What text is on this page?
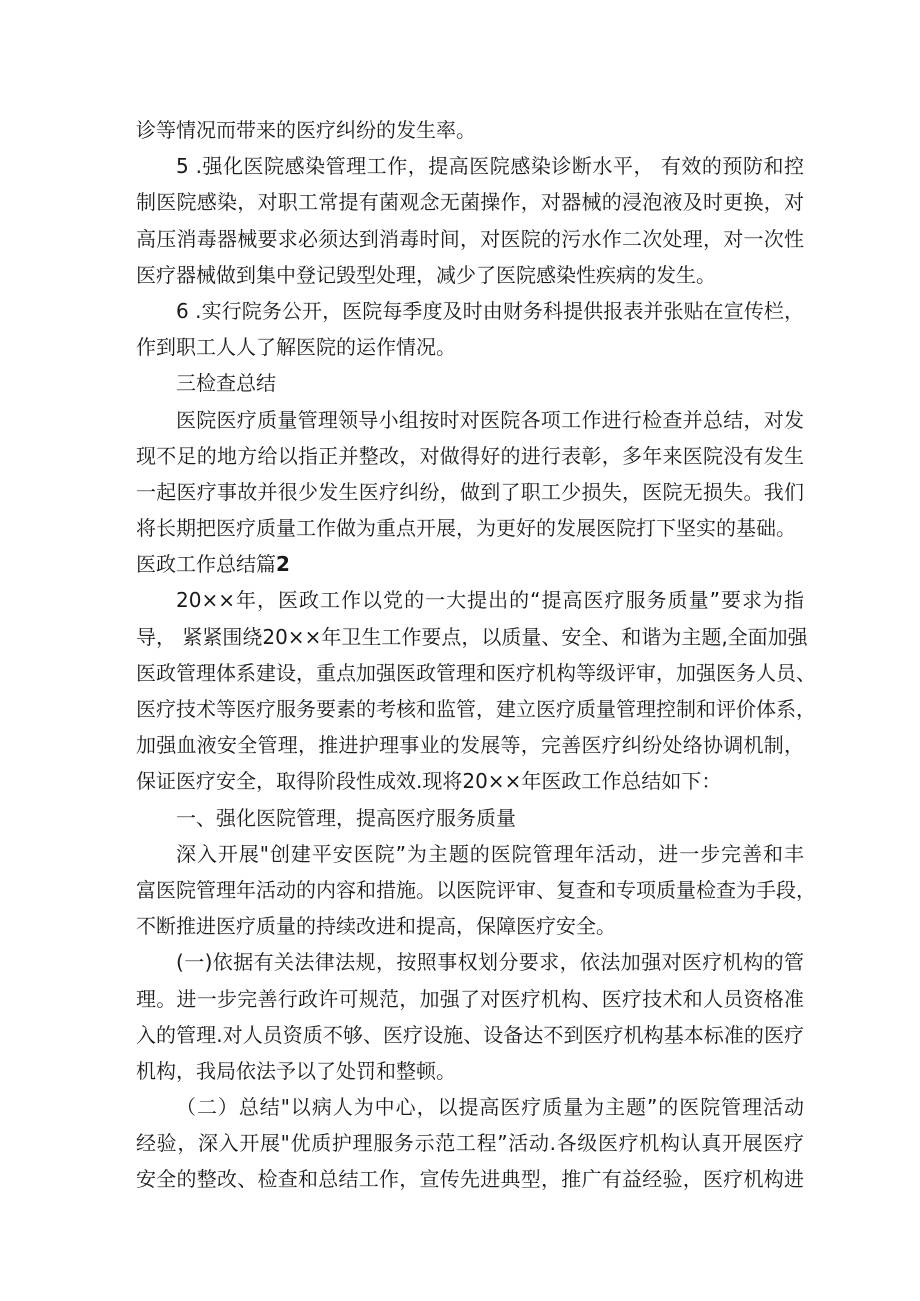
诊等情况而带来的医疗纠纷的发生率。
5 .强化医院感染管理工作，提高医院感染诊断水平， 有效的预防和控
制医院感染，对职工常提有菌观念无菌操作，对器械的浸泡液及时更换，对
高压消毒器械要求必须达到消毒时间，对医院的污水作二次处理，对一次性
医疗器械做到集中登记毁型处理，减少了医院感染性疾病的发生。
6 .实行院务公开，医院每季度及时由财务科提供报表并张贴在宣传栏，
作到职工人人了解医院的运作情况。
三检查总结
医院医疗质量管理领导小组按时对医院各项工作进行检查并总结，对发
现不足的地方给以指正并整改，对做得好的进行表彰，多年来医院没有发生
一起医疗事故并很少发生医疗纠纷，做到了职工少损失，医院无损失。我们
将长期把医疗质量工作做为重点开展，为更好的发展医院打下坚实的基础。
医政工作总结篇2
20××年，医政工作以党的一大提出的“提高医疗服务质量”要求为指
导， 紧紧围绕20××年卫生工作要点，以质量、安全、和谐为主题,全面加强
医政管理体系建设，重点加强医政管理和医疗机构等级评审，加强医务人员、
医疗技术等医疗服务要素的考核和监管，建立医疗质量管理控制和评价体系，
加强血液安全管理，推进护理事业的发展等，完善医疗纠纷处络协调机制，
保证医疗安全，取得阶段性成效.现将20××年医政工作总结如下：
一、强化医院管理，提高医疗服务质量
深入开展"创建平安医院”为主题的医院管理年活动，进一步完善和丰
富医院管理年活动的内容和措施。以医院评审、复查和专项质量检查为手段，
不断推进医疗质量的持续改进和提高，保障医疗安全。
(一)依据有关法律法规，按照事权划分要求，依法加强对医疗机构的管
理。进一步完善行政许可规范，加强了对医疗机构、医疗技术和人员资格准
入的管理.对人员资质不够、医疗设施、设备达不到医疗机构基本标准的医疗
机构，我局依法予以了处罚和整顿。
（二）总结"以病人为中心，以提高医疗质量为主题”的医院管理活动
经验，深入开展"优质护理服务示范工程”活动.各级医疗机构认真开展医疗
安全的整改、检查和总结工作，宣传先进典型，推广有益经验，医疗机构进
